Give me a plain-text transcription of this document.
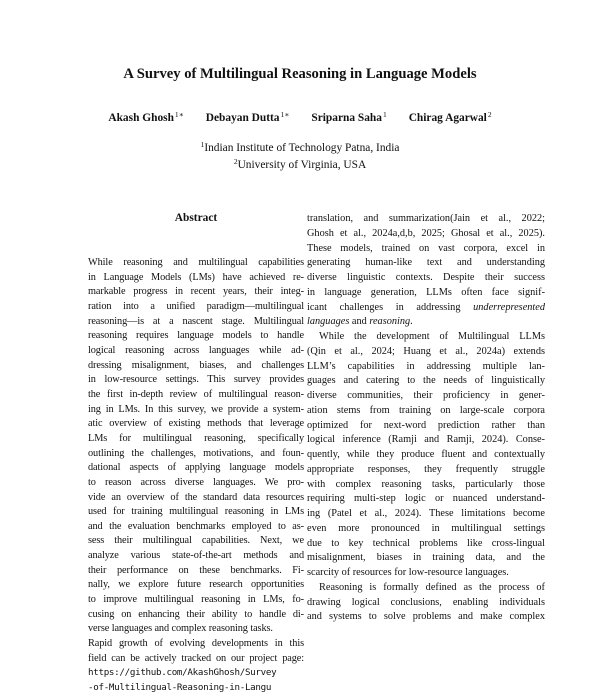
A Survey of Multilingual Reasoning in Language Models
Akash Ghosh$^{1∗}$ Debayan Dutta$^{1∗}$ Sriparna Saha$^1$ Chirag Agarwal$^2$
$^1$Indian Institute of Technology Patna, India
$^2$University of Virginia, USA
Abstract
While reasoning and multilingual capabilities
in Language Models (LMs) have achieved re-
markable progress in recent years, their integ-
ration into a unified paradigm—multilingual
reasoning—is at a nascent stage. Multilingual
reasoning requires language models to handle
logical reasoning across languages while ad-
dressing misalignment, biases, and challenges
in low-resource settings. This survey provides
the first in-depth review of multilingual reason-
ing in LMs. In this survey, we provide a system-
atic overview of existing methods that leverage
LMs for multilingual reasoning, specifically
outlining the challenges, motivations, and foun-
dational aspects of applying language models
to reason across diverse languages. We pro-
vide an overview of the standard data resources
used for training multilingual reasoning in LMs
and the evaluation benchmarks employed to as-
sess their multilingual capabilities. Next, we
analyze various state-of-the-art methods and
their performance on these benchmarks. Fi-
nally, we explore future research opportunities
to improve multilingual reasoning in LMs, fo-
cusing on enhancing their ability to handle di-
verse languages and complex reasoning tasks.
Rapid growth of evolving developments in this
field can be actively tracked on our project page:
https://github.com/AkashGhosh/Survey
-of-Multilingual-Reasoning-in-Langu
translation, and summarization(Jain et al., 2022;
Ghosh et al., 2024a,d,b, 2025; Ghosal et al., 2025).
These models, trained on vast corpora, excel in
generating human-like text and understanding
diverse linguistic contexts. Despite their success
in language generation, LLMs often face signif-
icant challenges in addressing underrepresented
languages and reasoning.
While the development of Multilingual LLMs
(Qin et al., 2024; Huang et al., 2024a) extends
LLM’s capabilities in addressing multiple lan-
guages and catering to the needs of linguistically
diverse communities, their proficiency in gener-
ation stems from training on large-scale corpora
optimized for next-word prediction rather than
logical inference (Ramji and Ramji, 2024). Conse-
quently, while they produce fluent and contextually
appropriate responses, they frequently struggle
with complex reasoning tasks, particularly those
requiring multi-step logic or nuanced understand-
ing (Patel et al., 2024). These limitations become
even more pronounced in multilingual settings
due to key technical problems like cross-lingual
misalignment, biases in training data, and the
scarcity of resources for low-resource languages.
Reasoning is formally defined as the process of
drawing logical conclusions, enabling individuals
and systems to solve problems and make complex
